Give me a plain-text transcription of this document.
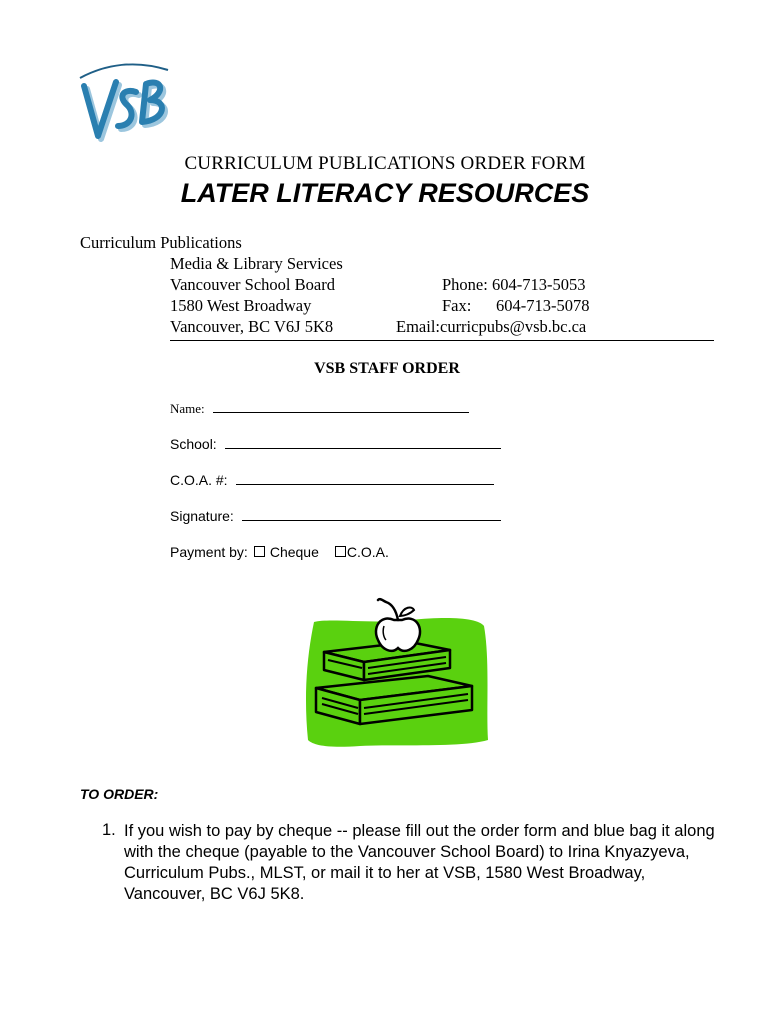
CURRICULUM PUBLICATIONS ORDER FORM
LATER LITERACY RESOURCES
Curriculum Publications
Media & Library Services
Vancouver School Board
1580 West Broadway
Vancouver, BC V6J 5K8
Phone: 604-713-5053
Fax: 604-713-5078
Email:curricpubs@vsb.bc.ca
VSB STAFF ORDER
Name:
School:
C.O.A. #:
Signature:
Payment by: Cheque C.O.A.
TO ORDER:
1. If you wish to pay by cheque -- please fill out the order form and blue bag it along with the cheque (payable to the Vancouver School Board) to Irina Knyazyeva, Curriculum Pubs., MLST, or mail it to her at VSB, 1580 West Broadway, Vancouver, BC V6J 5K8.
